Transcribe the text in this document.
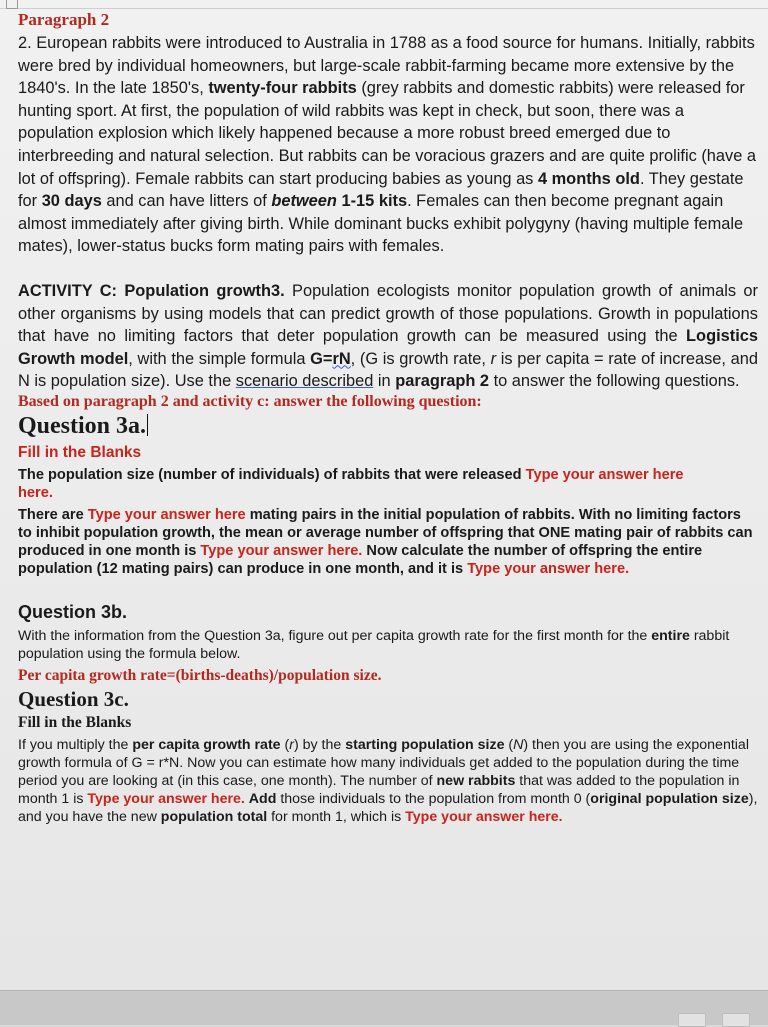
Paragraph 2

2. European rabbits were introduced to Australia in 1788 as a food source for humans. Initially, rabbits were bred by individual homeowners, but large-scale rabbit-farming became more extensive by the 1840's. In the late 1850's, twenty-four rabbits (grey rabbits and domestic rabbits) were released for hunting sport. At first, the population of wild rabbits was kept in check, but soon, there was a population explosion which likely happened because a more robust breed emerged due to interbreeding and natural selection. But rabbits can be voracious grazers and are quite prolific (have a lot of offspring). Female rabbits can start producing babies as young as 4 months old. They gestate for 30 days and can have litters of between 1-15 kits. Females can then become pregnant again almost immediately after giving birth. While dominant bucks exhibit polygyny (having multiple female mates), lower-status bucks form mating pairs with females.

ACTIVITY C: Population growth3. Population ecologists monitor population growth of animals or other organisms by using models that can predict growth of those populations. Growth in populations that have no limiting factors that deter population growth can be measured using the Logistics Growth model, with the simple formula G=rN, (G is growth rate, r is per capita = rate of increase, and N is population size). Use the scenario described in paragraph 2 to answer the following questions.

Based on paragraph 2 and activity c: answer the following question:

Question 3a.

Fill in the Blanks

The population size (number of individuals) of rabbits that were released Type your answer here
here.

There are Type your answer here mating pairs in the initial population of rabbits. With no limiting factors to inhibit population growth, the mean or average number of offspring that ONE mating pair of rabbits can produced in one month is Type your answer here. Now calculate the number of offspring the entire population (12 mating pairs) can produce in one month, and it is Type your answer here.

Question 3b.

With the information from the Question 3a, figure out per capita growth rate for the first month for the entire rabbit population using the formula below.

Per capita growth rate=(births-deaths)/population size.

Question 3c.

Fill in the Blanks

If you multiply the per capita growth rate (r) by the starting population size (N) then you are using the exponential growth formula of G = r*N. Now you can estimate how many individuals get added to the population during the time period you are looking at (in this case, one month). The number of new rabbits that was added to the population in month 1 is Type your answer here. Add those individuals to the population from month 0 (original population size), and you have the new population total for month 1, which is Type your answer here.
